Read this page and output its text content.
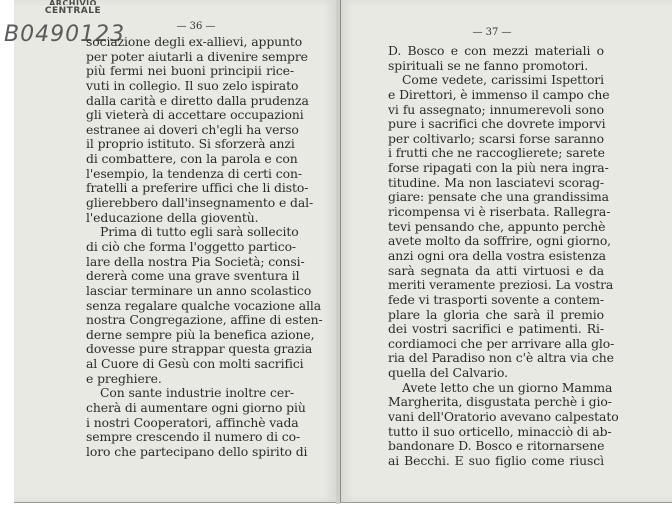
ARCHIVIO
CENTRALE
B0490123	— 36 —
— 37 —
sociazione degli ex-allievi, appunto
per poter aiutarli a divenire sempre
più fermi nei buoni principii rice-
vuti in collegio. Il suo zelo ispirato
dalla carità e diretto dalla prudenza
gli vieterà di accettare occupazioni
estranee ai doveri ch'egli ha verso
il proprio istituto. Si sforzerà anzi
di combattere, con la parola e con
l'esempio, la tendenza di certi con-
fratelli a preferire uffici che li disto-
glierebbero dall'insegnamento e dal-
l'educazione della gioventù.
Prima di tutto egli sarà sollecito
di ciò che forma l'oggetto partico-
lare della nostra Pia Società; consi-
dererà come una grave sventura il
lasciar terminare un anno scolastico
senza regalare qualche vocazione alla
nostra Congregazione, affine di esten-
derne sempre più la benefica azione,
dovesse pure strappar questa grazia
al Cuore di Gesù con molti sacrifici
e preghiere.
Con sante industrie inoltre cer-
cherà di aumentare ogni giorno più
i nostri Cooperatori, affinchè vada
sempre crescendo il numero di co-
loro che partecipano dello spirito di
D. Bosco e con mezzi materiali o
spirituali se ne fanno promotori.
Come vedete, carissimi Ispettori
e Direttori, è immenso il campo che
vi fu assegnato; innumerevoli sono
pure i sacrifici che dovrete imporvi
per coltivarlo; scarsi forse saranno
i frutti che ne raccoglierete; sarete
forse ripagati con la più nera ingra-
titudine. Ma non lasciatevi scorag-
giare: pensate che una grandissima
ricompensa vi è riserbata. Rallegra-
tevi pensando che, appunto perchè
avete molto da soffrire, ogni giorno,
anzi ogni ora della vostra esistenza
sarà segnata da atti virtuosi e da
meriti veramente preziosi. La vostra
fede vi trasporti sovente a contem-
plare la gloria che sarà il premio
dei vostri sacrifici e patimenti. Ri-
cordiamoci che per arrivare alla glo-
ria del Paradiso non c'è altra via che
quella del Calvario.
Avete letto che un giorno Mamma
Margherita, disgustata perchè i gio-
vani dell'Oratorio avevano calpestato
tutto il suo orticello, minacciò di ab-
bandonare D. Bosco e ritornarsene
ai Becchi. E suo figlio come riuscì
